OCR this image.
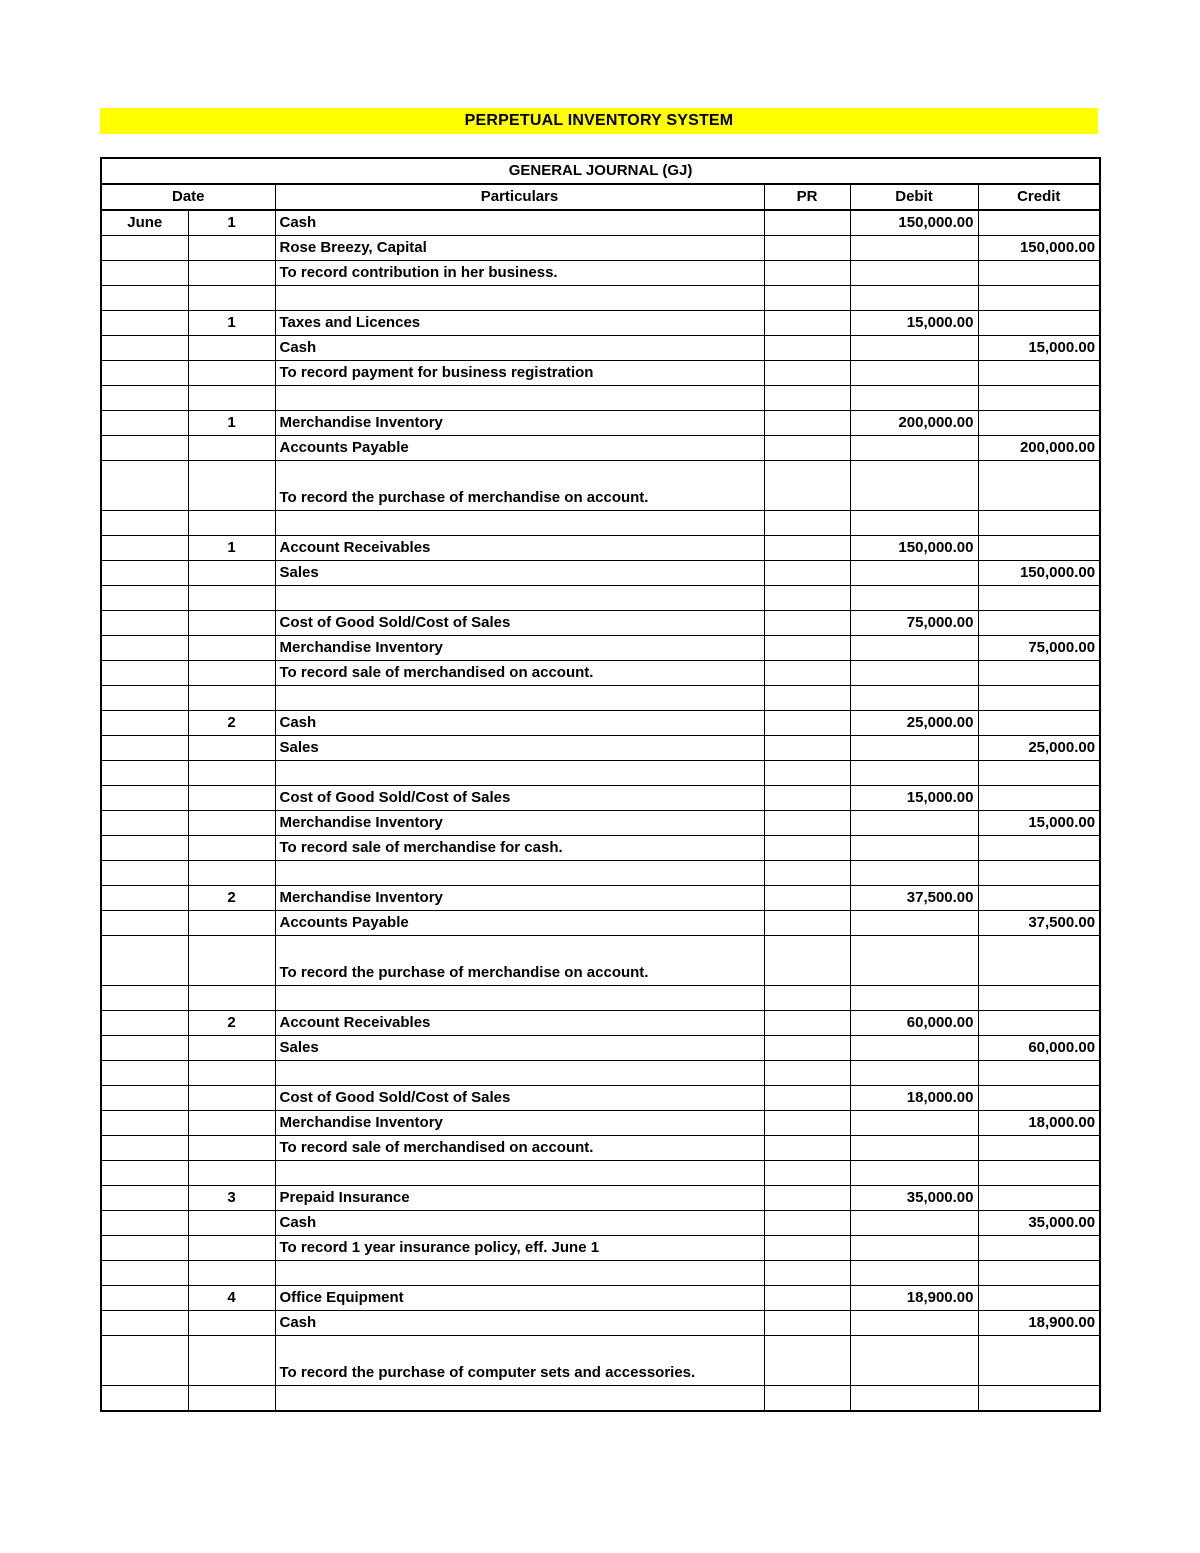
PERPETUAL INVENTORY SYSTEM
GENERAL JOURNAL (GJ)					
Date		Particulars	PR	Debit	Credit
June	1	Cash		150,000.00	
		Rose Breezy, Capital			150,000.00
		To record contribution in her business.			

	1	Taxes and Licences		15,000.00	
		Cash			15,000.00
		To record payment for business registration			

	1	Merchandise Inventory		200,000.00	
		Accounts Payable			200,000.00
		To record the purchase of merchandise on account.			

	1	Account Receivables		150,000.00	
		Sales			150,000.00

		Cost of Good Sold/Cost of Sales		75,000.00	
		Merchandise Inventory			75,000.00
		To record sale of merchandised on account.			

	2	Cash		25,000.00	
		Sales			25,000.00

		Cost of Good Sold/Cost of Sales		15,000.00	
		Merchandise Inventory			15,000.00
		To record sale of merchandise for cash.			

	2	Merchandise Inventory		37,500.00	
		Accounts Payable			37,500.00
		To record the purchase of merchandise on account.			

	2	Account Receivables		60,000.00	
		Sales			60,000.00

		Cost of Good Sold/Cost of Sales		18,000.00	
		Merchandise Inventory			18,000.00
		To record sale of merchandised on account.			

	3	Prepaid Insurance		35,000.00	
		Cash			35,000.00
		To record 1 year insurance policy, eff. June 1			

	4	Office Equipment		18,900.00	
		Cash			18,900.00
		To record the purchase of computer sets and accessories.			
